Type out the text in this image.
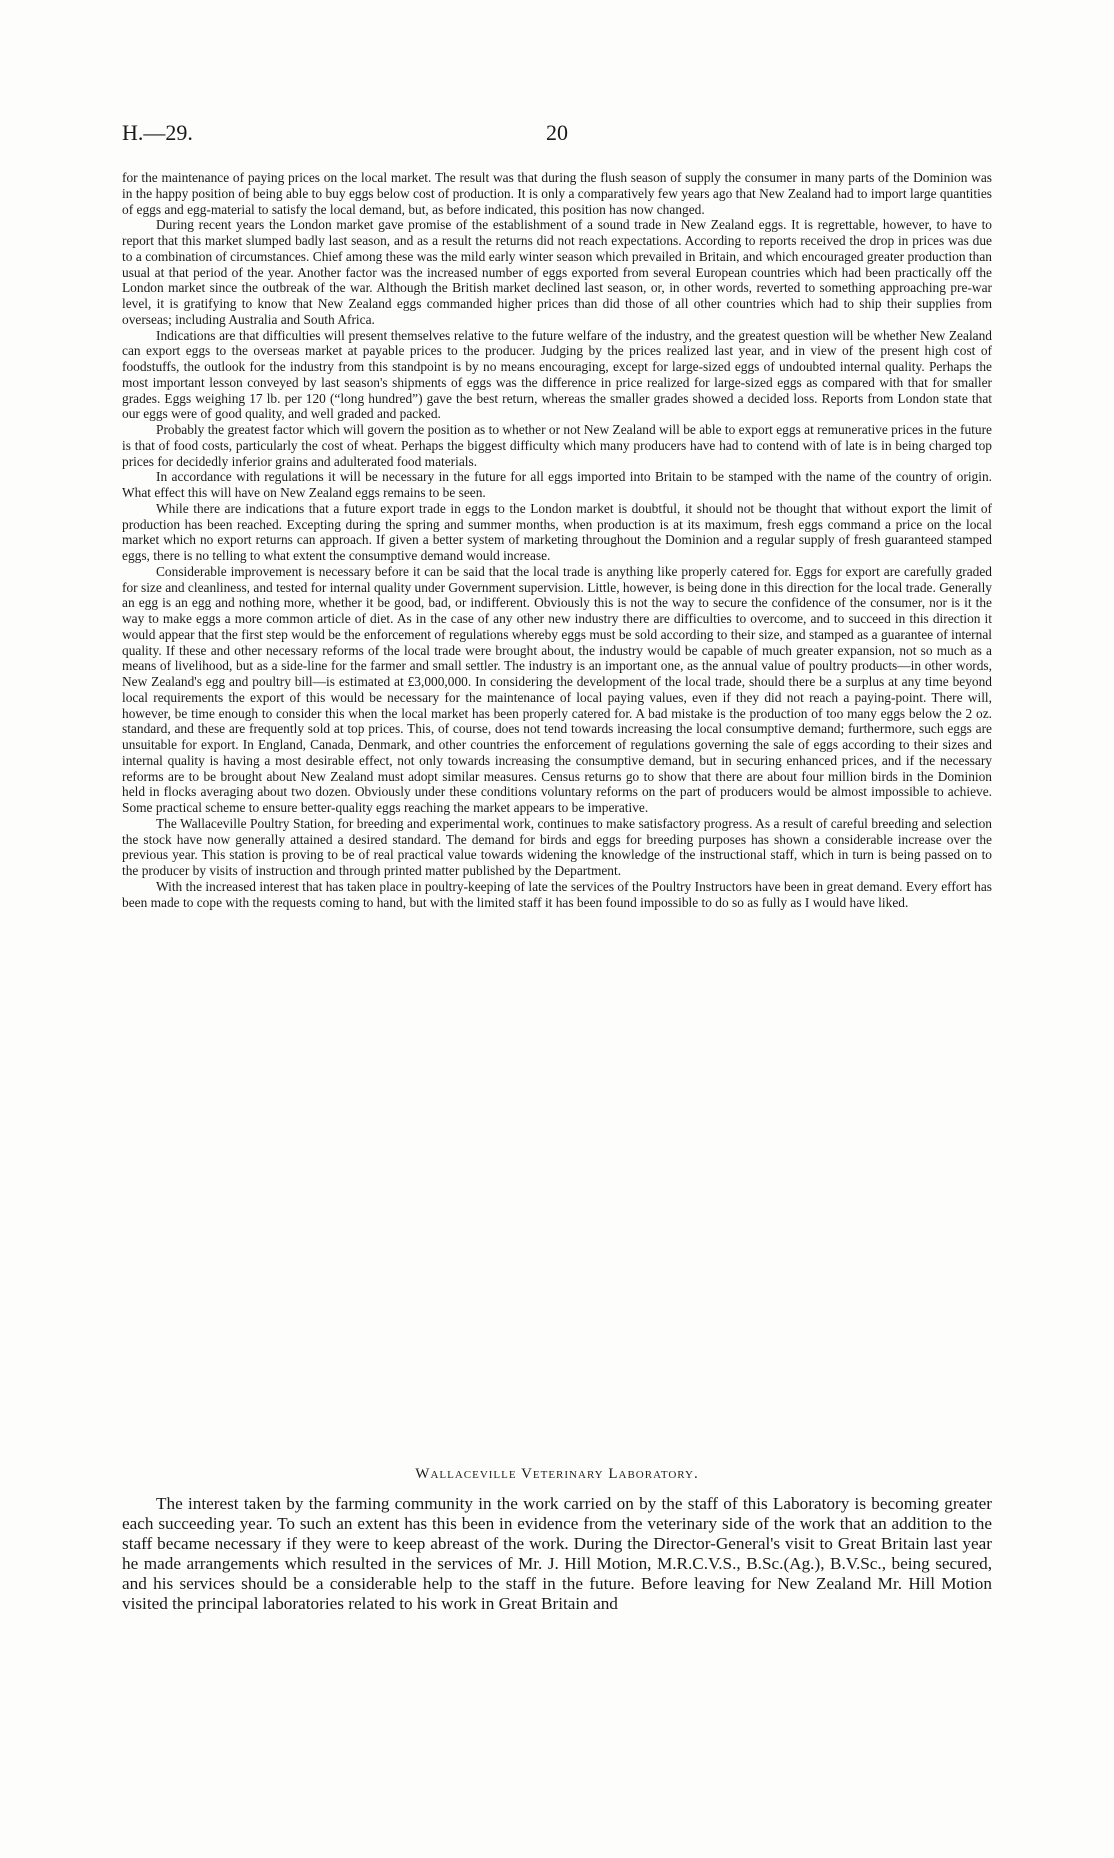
H.—29.	20

for the maintenance of paying prices on the local market. The result was that during the flush season of supply the consumer in many parts of the Dominion was in the happy position of being able to buy eggs below cost of production. It is only a comparatively few years ago that New Zealand had to import large quantities of eggs and egg-material to satisfy the local demand, but, as before indicated, this position has now changed.

During recent years the London market gave promise of the establishment of a sound trade in New Zealand eggs. It is regrettable, however, to have to report that this market slumped badly last season, and as a result the returns did not reach expectations. According to reports received the drop in prices was due to a combination of circumstances. Chief among these was the mild early winter season which prevailed in Britain, and which encouraged greater production than usual at that period of the year. Another factor was the increased number of eggs exported from several European countries which had been practically off the London market since the outbreak of the war. Although the British market declined last season, or, in other words, reverted to something approaching pre-war level, it is gratifying to know that New Zealand eggs commanded higher prices than did those of all other countries which had to ship their supplies from overseas; including Australia and South Africa.

Indications are that difficulties will present themselves relative to the future welfare of the industry, and the greatest question will be whether New Zealand can export eggs to the overseas market at payable prices to the producer. Judging by the prices realized last year, and in view of the present high cost of foodstuffs, the outlook for the industry from this standpoint is by no means encouraging, except for large-sized eggs of undoubted internal quality. Perhaps the most important lesson conveyed by last season's shipments of eggs was the difference in price realized for large-sized eggs as compared with that for smaller grades. Eggs weighing 17 lb. per 120 (“long hundred”) gave the best return, whereas the smaller grades showed a decided loss. Reports from London state that our eggs were of good quality, and well graded and packed.

Probably the greatest factor which will govern the position as to whether or not New Zealand will be able to export eggs at remunerative prices in the future is that of food costs, particularly the cost of wheat. Perhaps the biggest difficulty which many producers have had to contend with of late is in being charged top prices for decidedly inferior grains and adulterated food materials.

In accordance with regulations it will be necessary in the future for all eggs imported into Britain to be stamped with the name of the country of origin. What effect this will have on New Zealand eggs remains to be seen.

While there are indications that a future export trade in eggs to the London market is doubtful, it should not be thought that without export the limit of production has been reached. Excepting during the spring and summer months, when production is at its maximum, fresh eggs command a price on the local market which no export returns can approach. If given a better system of marketing throughout the Dominion and a regular supply of fresh guaranteed stamped eggs, there is no telling to what extent the consumptive demand would increase.

Considerable improvement is necessary before it can be said that the local trade is anything like properly catered for. Eggs for export are carefully graded for size and cleanliness, and tested for internal quality under Government supervision. Little, however, is being done in this direction for the local trade. Generally an egg is an egg and nothing more, whether it be good, bad, or indifferent. Obviously this is not the way to secure the confidence of the consumer, nor is it the way to make eggs a more common article of diet. As in the case of any other new industry there are difficulties to overcome, and to succeed in this direction it would appear that the first step would be the enforcement of regulations whereby eggs must be sold according to their size, and stamped as a guarantee of internal quality. If these and other necessary reforms of the local trade were brought about, the industry would be capable of much greater expansion, not so much as a means of livelihood, but as a side-line for the farmer and small settler. The industry is an important one, as the annual value of poultry products—in other words, New Zealand's egg and poultry bill—is estimated at £3,000,000. In considering the development of the local trade, should there be a surplus at any time beyond local requirements the export of this would be necessary for the maintenance of local paying values, even if they did not reach a paying-point. There will, however, be time enough to consider this when the local market has been properly catered for. A bad mistake is the production of too many eggs below the 2 oz. standard, and these are frequently sold at top prices. This, of course, does not tend towards increasing the local consumptive demand; furthermore, such eggs are unsuitable for export. In England, Canada, Denmark, and other countries the enforcement of regulations governing the sale of eggs according to their sizes and internal quality is having a most desirable effect, not only towards increasing the consumptive demand, but in securing enhanced prices, and if the necessary reforms are to be brought about New Zealand must adopt similar measures. Census returns go to show that there are about four million birds in the Dominion held in flocks averaging about two dozen. Obviously under these conditions voluntary reforms on the part of producers would be almost impossible to achieve. Some practical scheme to ensure better-quality eggs reaching the market appears to be imperative.

The Wallaceville Poultry Station, for breeding and experimental work, continues to make satisfactory progress. As a result of careful breeding and selection the stock have now generally attained a desired standard. The demand for birds and eggs for breeding purposes has shown a considerable increase over the previous year. This station is proving to be of real practical value towards widening the knowledge of the instructional staff, which in turn is being passed on to the producer by visits of instruction and through printed matter published by the Department.

With the increased interest that has taken place in poultry-keeping of late the services of the Poultry Instructors have been in great demand. Every effort has been made to cope with the requests coming to hand, but with the limited staff it has been found impossible to do so as fully as I would have liked.

Wallaceville Veterinary Laboratory.

The interest taken by the farming community in the work carried on by the staff of this Laboratory is becoming greater each succeeding year. To such an extent has this been in evidence from the veterinary side of the work that an addition to the staff became necessary if they were to keep abreast of the work. During the Director-General's visit to Great Britain last year he made arrangements which resulted in the services of Mr. J. Hill Motion, M.R.C.V.S., B.Sc.(Ag.), B.V.Sc., being secured, and his services should be a considerable help to the staff in the future. Before leaving for New Zealand Mr. Hill Motion visited the principal laboratories related to his work in Great Britain and
